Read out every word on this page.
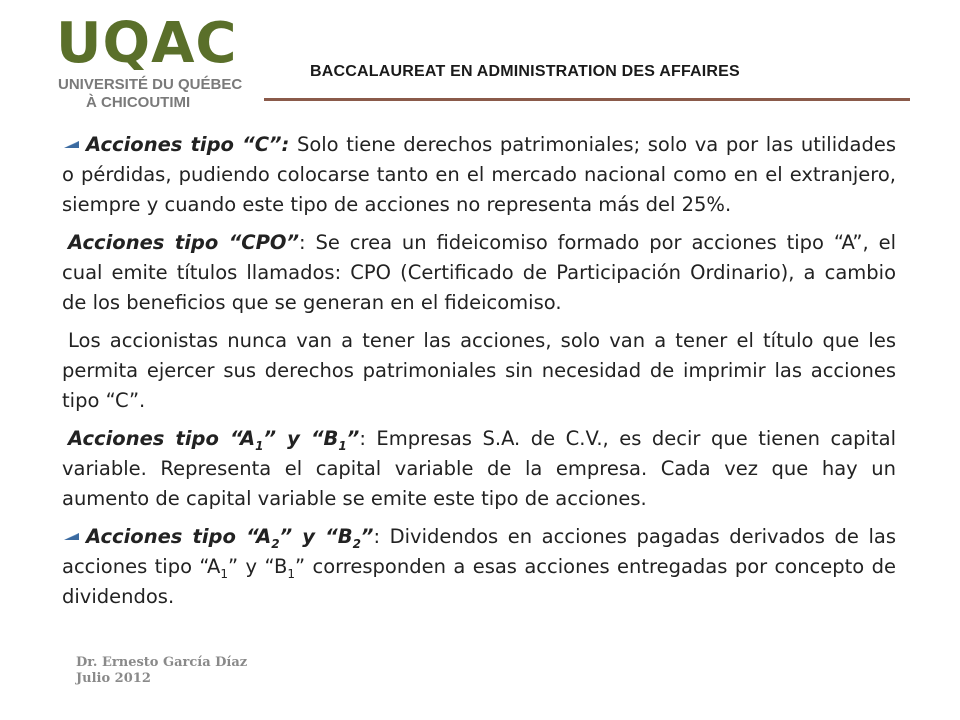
UQAC
UNIVERSITÉ DU QUÉBEC
À CHICOUTIMI
BACCALAUREAT EN ADMINISTRATION DES AFFAIRES

Acciones tipo “C”: Solo tiene derechos patrimoniales; solo va por las utilidades o pérdidas, pudiendo colocarse tanto en el mercado nacional como en el extranjero, siempre y cuando este tipo de acciones no representa más del 25%.

Acciones tipo “CPO”: Se crea un fideicomiso formado por acciones tipo “A”, el cual emite títulos llamados: CPO (Certificado de Participación Ordinario), a cambio de los beneficios que se generan en el fideicomiso.

Los accionistas nunca van a tener las acciones, solo van a tener el título que les permita ejercer sus derechos patrimoniales sin necesidad de imprimir las acciones tipo “C”.

Acciones tipo “$A_1$” y “$B_1$”: Empresas S.A. de C.V., es decir que tienen capital variable. Representa el capital variable de la empresa. Cada vez que hay un aumento de capital variable se emite este tipo de acciones.

Acciones tipo “$A_2$” y “$B_2$”: Dividendos en acciones pagadas derivados de las acciones tipo “$A_1$” y “$B_1$” corresponden a esas acciones entregadas por concepto de dividendos.

Dr. Ernesto García Díaz
Julio 2012
